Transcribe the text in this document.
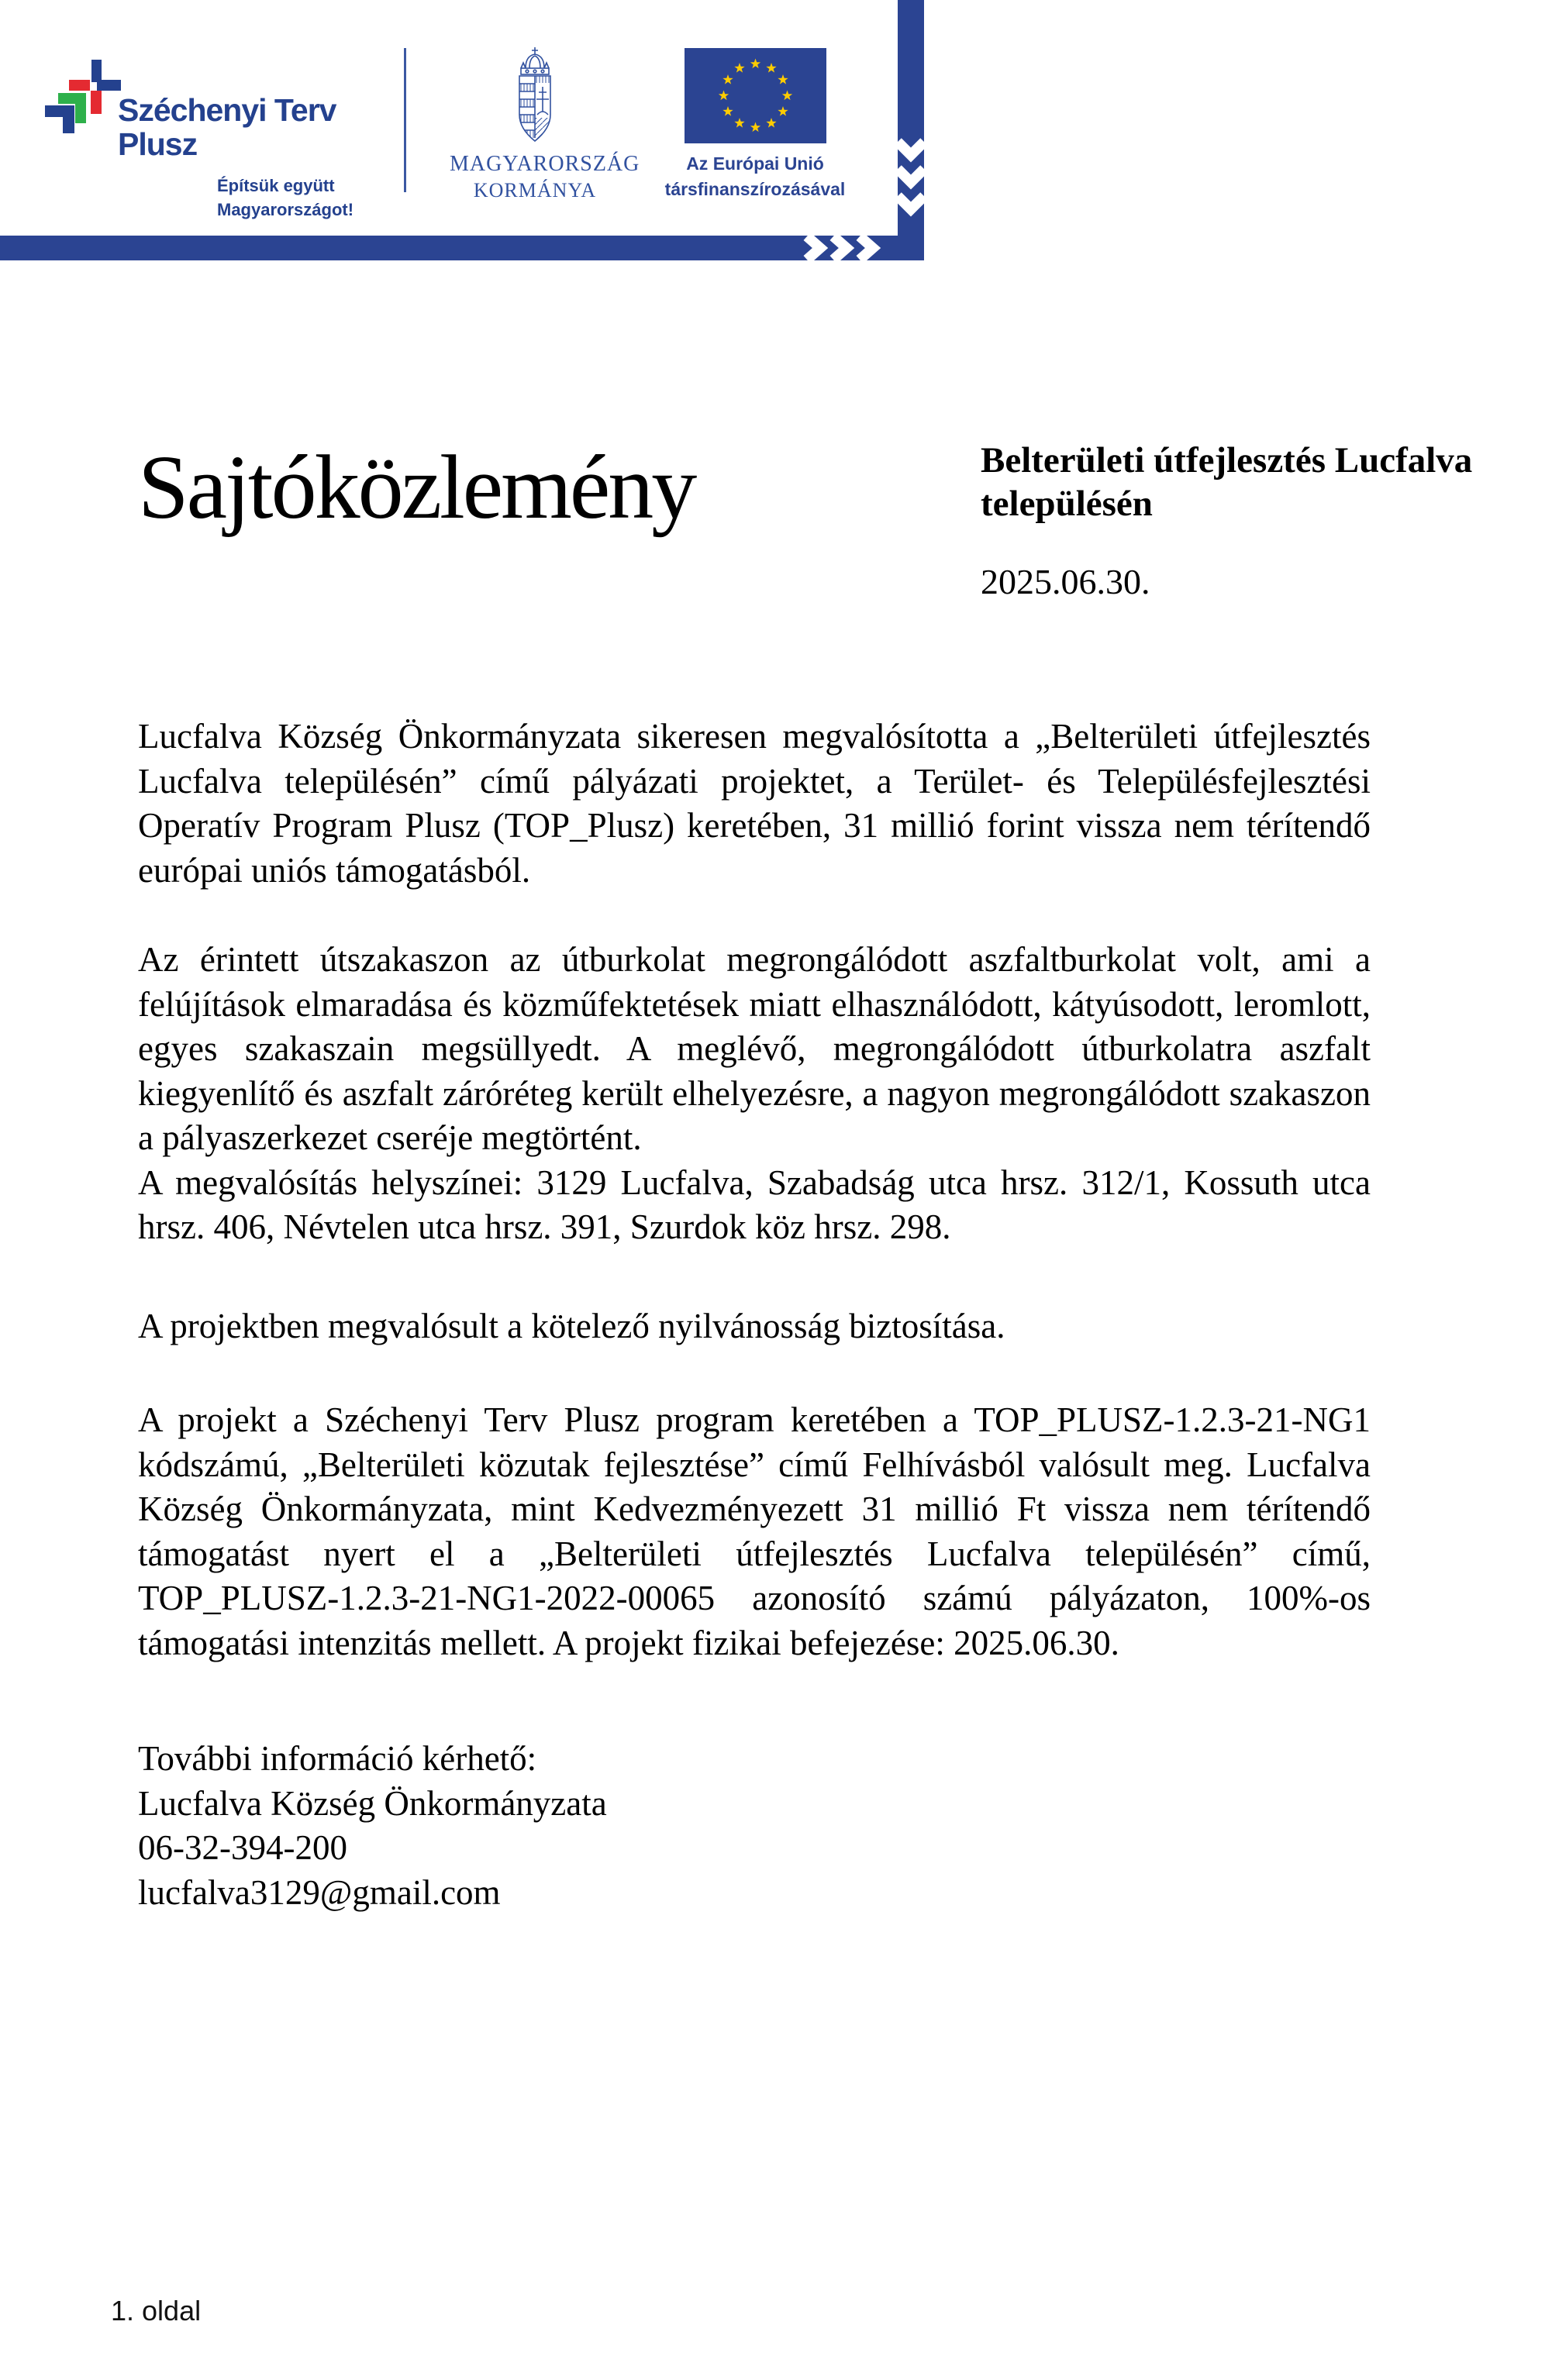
Széchenyi Terv
Plusz
Építsük együtt
Magyarországot!
MAGYARORSZÁG
KORMÁNYA
Az Európai Unió
társfinanszírozásával
Sajtóközlemény	Belterületi útfejlesztés Lucfalva
településén
2025.06.30.

Lucfalva Község Önkormányzata sikeresen megvalósította a „Belterületi útfejlesztés Lucfalva településén” című pályázati projektet, a Terület- és Településfejlesztési Operatív Program Plusz (TOP_Plusz) keretében, 31 millió forint vissza nem térítendő európai uniós támogatásból.

Az érintett útszakaszon az útburkolat megrongálódott aszfaltburkolat volt, ami a felújítások elmaradása és közműfektetések miatt elhasználódott, kátyúsodott, leromlott, egyes szakaszain megsüllyedt. A meglévő, megrongálódott útburkolatra aszfalt kiegyenlítő és aszfalt záróréteg került elhelyezésre, a nagyon megrongálódott szakaszon a pályaszerkezet cseréje megtörtént.

A megvalósítás helyszínei: 3129 Lucfalva, Szabadság utca hrsz. 312/1, Kossuth utca hrsz. 406, Névtelen utca hrsz. 391, Szurdok köz hrsz. 298.

A projektben megvalósult a kötelező nyilvánosság biztosítása.

A projekt a Széchenyi Terv Plusz program keretében a TOP_PLUSZ-1.2.3-21-NG1 kódszámú, „Belterületi közutak fejlesztése” című Felhívásból valósult meg. Lucfalva Község Önkormányzata, mint Kedvezményezett 31 millió Ft vissza nem térítendő támogatást nyert el a „Belterületi útfejlesztés Lucfalva településén” című, TOP_PLUSZ-1.2.3-21-NG1-2022-00065 azonosító számú pályázaton, 100%-os támogatási intenzitás mellett. A projekt fizikai befejezése: 2025.06.30.

További információ kérhető:
Lucfalva Község Önkormányzata
06-32-394-200
lucfalva3129@gmail.com
1. oldal
